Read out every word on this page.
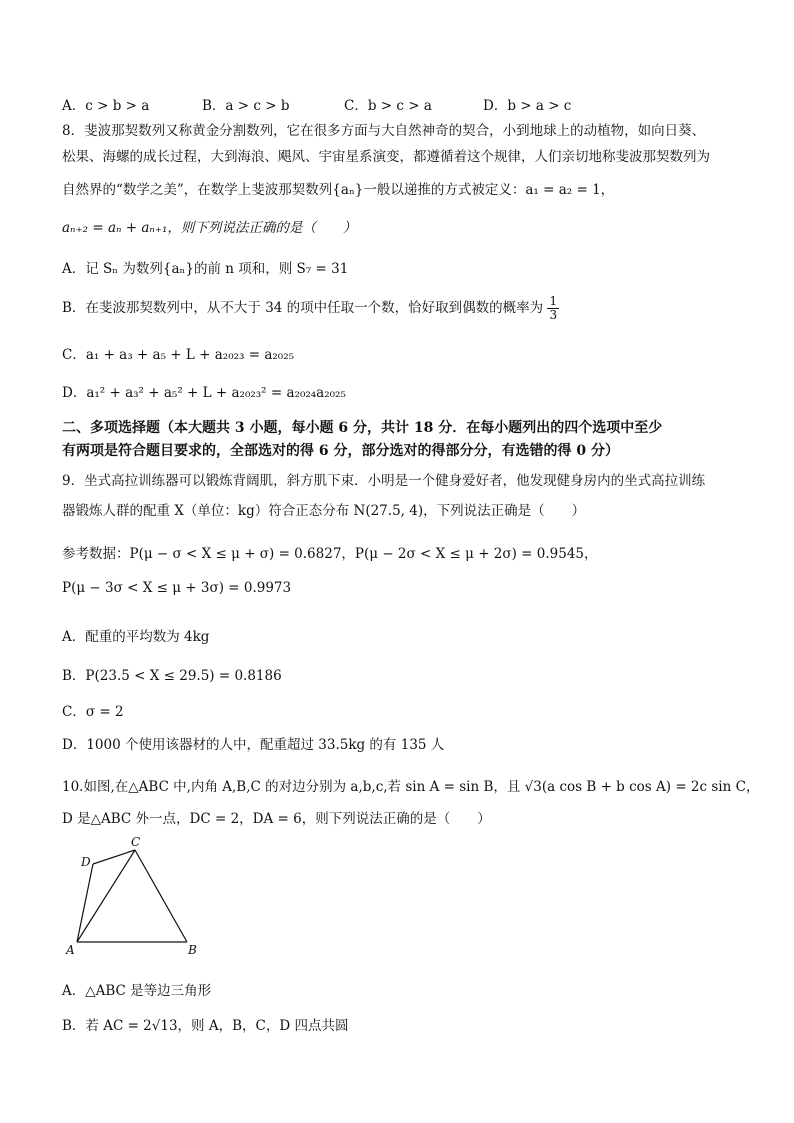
A．c > b > a	B．a > c > b	C．b > c > a	D．b > a > c
8．斐波那契数列又称黄金分割数列，它在很多方面与大自然神奇的契合，小到地球上的动植物，如向日葵、
松果、海螺的成长过程，大到海浪、飓风、宇宙星系演变，都遵循着这个规律，人们亲切地称斐波那契数列为
自然界的“数学之美”，在数学上斐波那契数列{aₙ}一般以递推的方式被定义：a₁ = a₂ = 1，
aₙ₊₂ = aₙ + aₙ₊₁，则下列说法正确的是（　　）
A．记 Sₙ 为数列{aₙ}的前 n 项和，则 S₇ = 31
B．在斐波那契数列中，从不大于 34 的项中任取一个数，恰好取到偶数的概率为 $\frac{1}{3}$
C．a₁ + a₃ + a₅ + L + a₂₀₂₃ = a₂₀₂₅
D．a₁² + a₃² + a₅² + L + a₂₀₂₃² = a₂₀₂₄a₂₀₂₅
二、多项选择题（本大题共 3 小题，每小题 6 分，共计 18 分．在每小题列出的四个选项中至少
有两项是符合题目要求的，全部选对的得 6 分，部分选对的得部分分，有选错的得 0 分）
9．坐式高拉训练器可以锻炼背阔肌，斜方肌下束．小明是一个健身爱好者，他发现健身房内的坐式高拉训练
器锻炼人群的配重 X（单位：kg）符合正态分布 N(27.5, 4)，下列说法正确是（　　）
参考数据：P(μ − σ < X ≤ μ + σ) = 0.6827，P(μ − 2σ < X ≤ μ + 2σ) = 0.9545，
P(μ − 3σ < X ≤ μ + 3σ) = 0.9973
A．配重的平均数为 4kg
B．P(23.5 < X ≤ 29.5) = 0.8186
C．σ = 2
D．1000 个使用该器材的人中，配重超过 33.5kg 的有 135 人
10.如图,在△ABC 中,内角 A,B,C 的对边分别为 a,b,c,若 sin A = sin B，且 √3(a cos B + b cos A) = 2c sin C，
D 是△ABC 外一点，DC = 2，DA = 6，则下列说法正确的是（　　）
D
C
A	B
A．△ABC 是等边三角形
B．若 AC = 2√13，则 A，B，C，D 四点共圆
